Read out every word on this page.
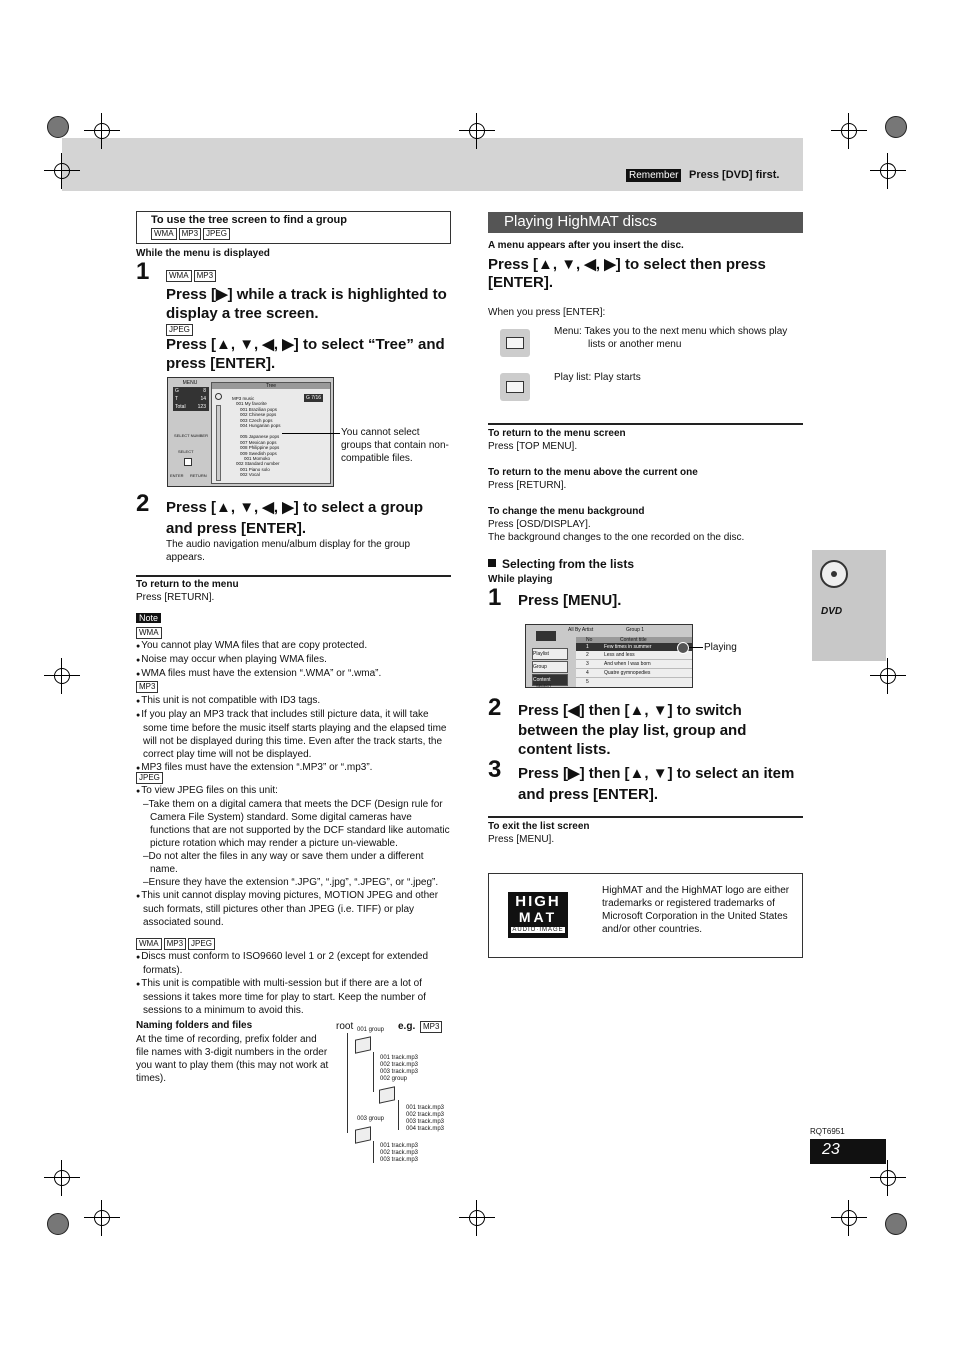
DVD
Remember Press [DVD] first.
To use the tree screen to find a group
WMA MP3 JPEG
While the menu is displayed
1	WMA MP3
Press [▶] while a track is highlighted to display a tree screen.
JPEG
Press [▲, ▼, ◀, ▶] to select “Tree” and press [ENTER].
MENU
G	8
T	14
Total 123
SELECT NUMBER
SELECT
ENTER RETURN
Tree
G 7/16
MP3 music
001 My favorite
001 Brazilian pops
002 Chinese pops
003 Czech pops
004 Hungarian pops
005 Japanese pops
007 Mexican pops
008 Philippine pops
009 Swedish pops
001 Momoko
002 Standard number
001 Piano solo
002 Vocal
You cannot select groups that contain non-compatible files.
2 Press [▲, ▼, ◀, ▶] to select a group and press [ENTER].
The audio navigation menu/album display for the group appears.
To return to the menu
Press [RETURN].
Note
WMA
● You cannot play WMA files that are copy protected.
● Noise may occur when playing WMA files.
● WMA files must have the extension “.WMA” or “.wma”.
MP3
● This unit is not compatible with ID3 tags.
● If you play an MP3 track that includes still picture data, it will take some time before the music itself starts playing and the elapsed time will not be displayed during this time. Even after the track starts, the correct play time will not be displayed.
● MP3 files must have the extension “.MP3” or “.mp3”.
JPEG
● To view JPEG files on this unit:
–Take them on a digital camera that meets the DCF (Design rule for Camera File System) standard. Some digital cameras have functions that are not supported by the DCF standard like automatic picture rotation which may render a picture un-viewable.
–Do not alter the files in any way or save them under a different name.
–Ensure they have the extension “.JPG”, “.jpg”, “.JPEG”, or “.jpeg”.
● This unit cannot display moving pictures, MOTION JPEG and other such formats, still pictures other than JPEG (i.e. TIFF) or play associated sound.
WMA MP3 JPEG
● Discs must conform to ISO9660 level 1 or 2 (except for extended formats).
● This unit is compatible with multi-session but if there are a lot of sessions it takes more time for play to start. Keep the number of sessions to a minimum to avoid this.
Naming folders and files
At the time of recording, prefix folder and file names with 3-digit numbers in the order you want to play them (this may not work at times).
root	e.g. MP3
001 group
001 track.mp3
002 track.mp3
003 track.mp3
002 group
001 track.mp3
002 track.mp3
003 track.mp3
004 track.mp3
003 group
001 track.mp3
002 track.mp3
003 track.mp3
Playing HighMAT discs
A menu appears after you insert the disc.
Press [▲, ▼, ◀, ▶] to select then press [ENTER].
When you press [ENTER]:
Menu: Takes you to the next menu which shows play lists or another menu
Play list: Play starts
To return to the menu screen
Press [TOP MENU].
To return to the menu above the current one
Press [RETURN].
To change the menu background
Press [OSD/DISPLAY].
The background changes to the one recorded on the disc.
Selecting from the lists
While playing
1 Press [MENU].
All By Artist	Group 1
Playlist
Group
Content
SELECT
No	Content title
1	Few times in summer
2	Less and less
3	And when I was born
4	Quatre gymnopedies
5
Playing
2 Press [◀] then [▲, ▼] to switch between the play list, group and content lists.
3 Press [▶] then [▲, ▼] to select an item and press [ENTER].
To exit the list screen
Press [MENU].
HIGH
MAT
AUDIO·IMAGE
HighMAT and the HighMAT logo are either trademarks or registered trademarks of Microsoft Corporation in the United States and/or other countries.
RQT6951
23
